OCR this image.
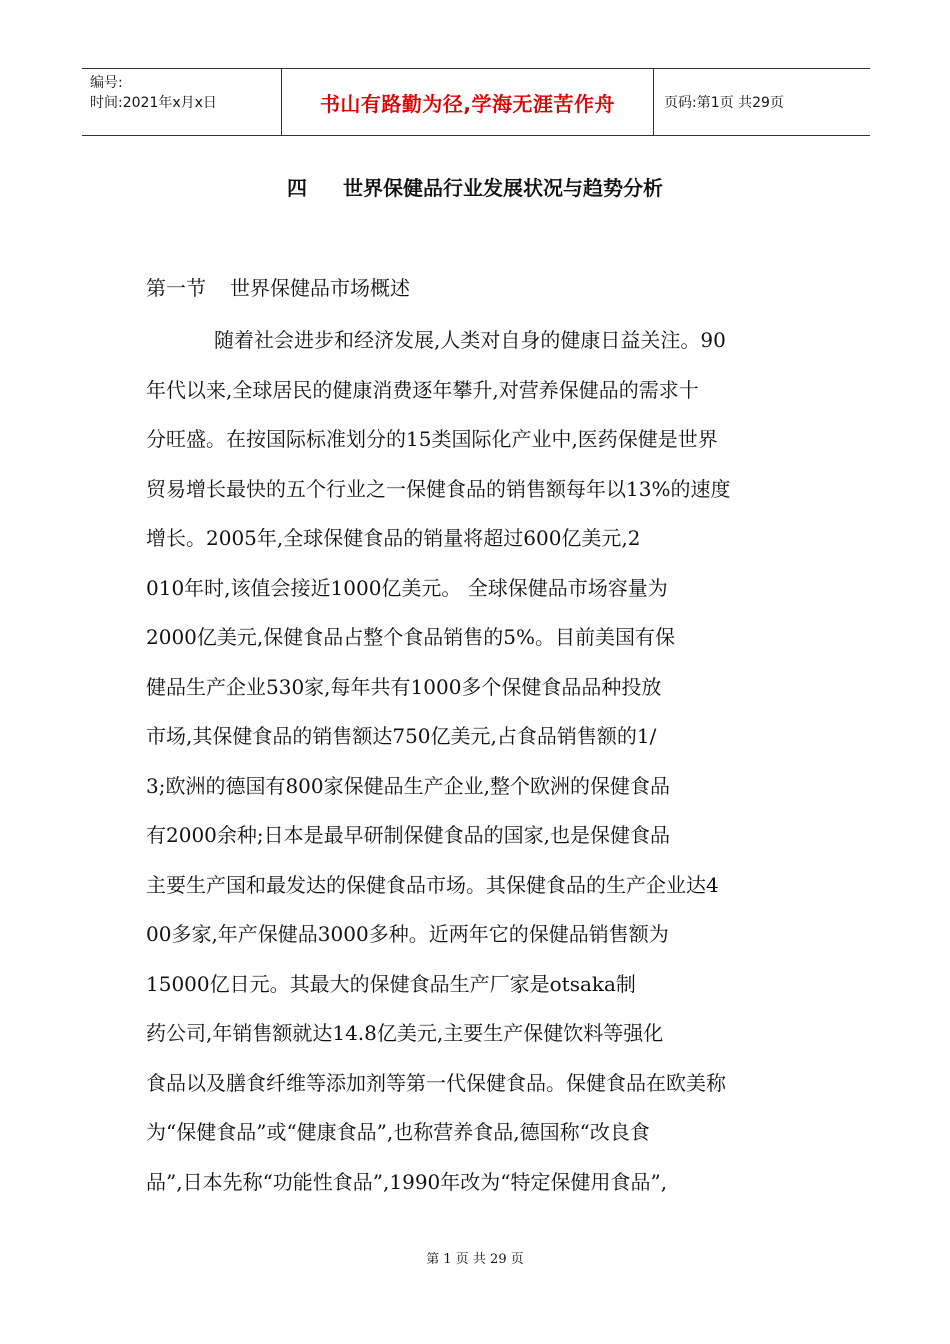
编号:
时间:2021年x月x日	书山有路勤为径,学海无涯苦作舟	页码:第1页 共29页
四 世界保健品行业发展状况与趋势分析
第一节 世界保健品市场概述
随着社会进步和经济发展,人类对自身的健康日益关注。90
年代以来,全球居民的健康消费逐年攀升,对营养保健品的需求十
分旺盛。在按国际标准划分的15类国际化产业中,医药保健是世界
贸易增长最快的五个行业之一保健食品的销售额每年以13%的速度
增长。2005年,全球保健食品的销量将超过600亿美元,2
010年时,该值会接近1000亿美元。 全球保健品市场容量为
2000亿美元,保健食品占整个食品销售的5%。目前美国有保
健品生产企业530家,每年共有1000多个保健食品品种投放
市场,其保健食品的销售额达750亿美元,占食品销售额的1/
3;欧洲的德国有800家保健品生产企业,整个欧洲的保健食品
有2000余种;日本是最早研制保健食品的国家,也是保健食品
主要生产国和最发达的保健食品市场。其保健食品的生产企业达4
00多家,年产保健品3000多种。近两年它的保健品销售额为
15000亿日元。其最大的保健食品生产厂家是otsaka制
药公司,年销售额就达14.8亿美元,主要生产保健饮料等强化
食品以及膳食纤维等添加剂等第一代保健食品。保健食品在欧美称
为“保健食品”或“健康食品”,也称营养食品,德国称“改良食
品”,日本先称“功能性食品”,1990年改为“特定保健用食品”,
第 1 页 共 29 页
